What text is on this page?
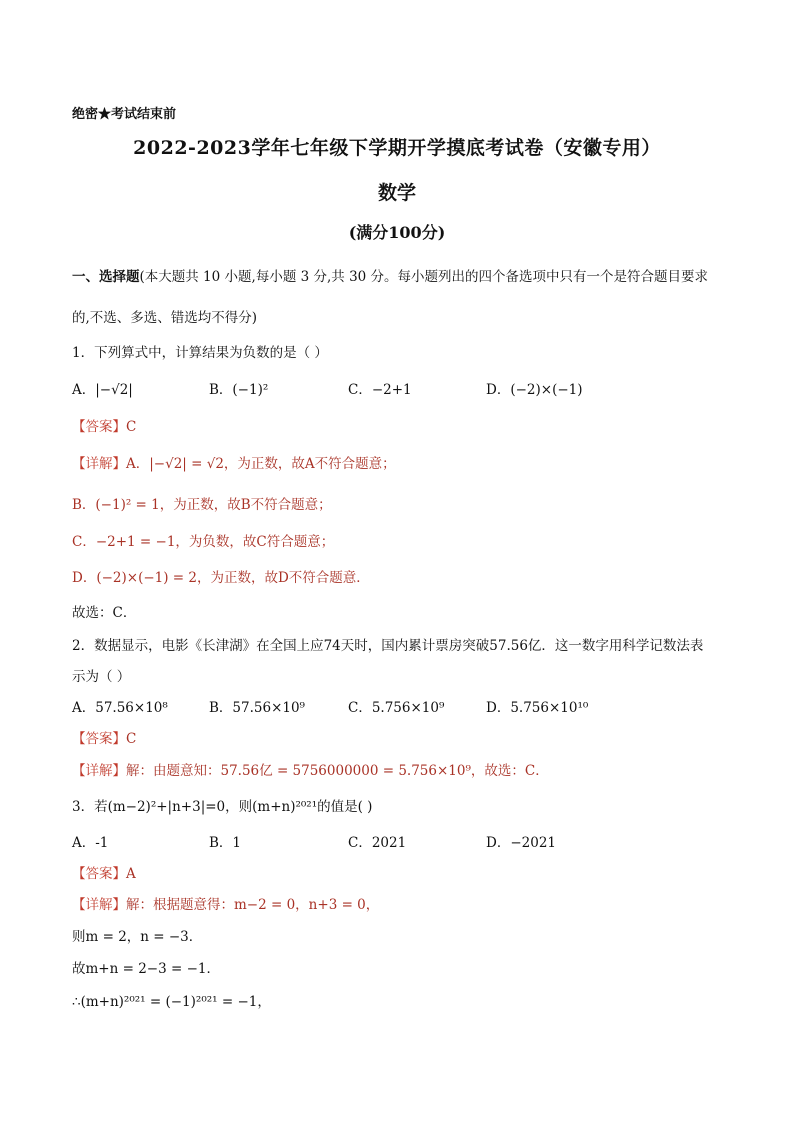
绝密★考试结束前
2022-2023学年七年级下学期开学摸底考试卷（安徽专用）
数学
(满分100分)
一、选择题(本大题共 10 小题,每小题 3 分,共 30 分。每小题列出的四个备选项中只有一个是符合题目要求
的,不选、多选、错选均不得分)
1．下列算式中，计算结果为负数的是（ ）
A．|−√2|	B．(−1)²	C．−2+1	D．(−2)×(−1)
【答案】C
【详解】A．|−√2| = √2，为正数，故A不符合题意；
B．(−1)² = 1，为正数，故B不符合题意；
C．−2+1 = −1，为负数，故C符合题意；
D．(−2)×(−1) = 2，为正数，故D不符合题意．
故选：C．
2．数据显示，电影《长津湖》在全国上应74天时，国内累计票房突破57.56亿．这一数字用科学记数法表
示为（ ）
A．57.56×10⁸	B．57.56×10⁹	C．5.756×10⁹	D．5.756×10¹⁰
【答案】C
【详解】解：由题意知：57.56亿 = 5756000000 = 5.756×10⁹，故选：C．
3．若(m−2)²+|n+3|=0，则(m+n)²⁰²¹的值是( )
A．-1	B．1	C．2021	D．−2021
【答案】A
【详解】解：根据题意得：m−2 = 0，n+3 = 0，
则m = 2，n = −3．
故m+n = 2−3 = −1．
∴(m+n)²⁰²¹ = (−1)²⁰²¹ = −1，
